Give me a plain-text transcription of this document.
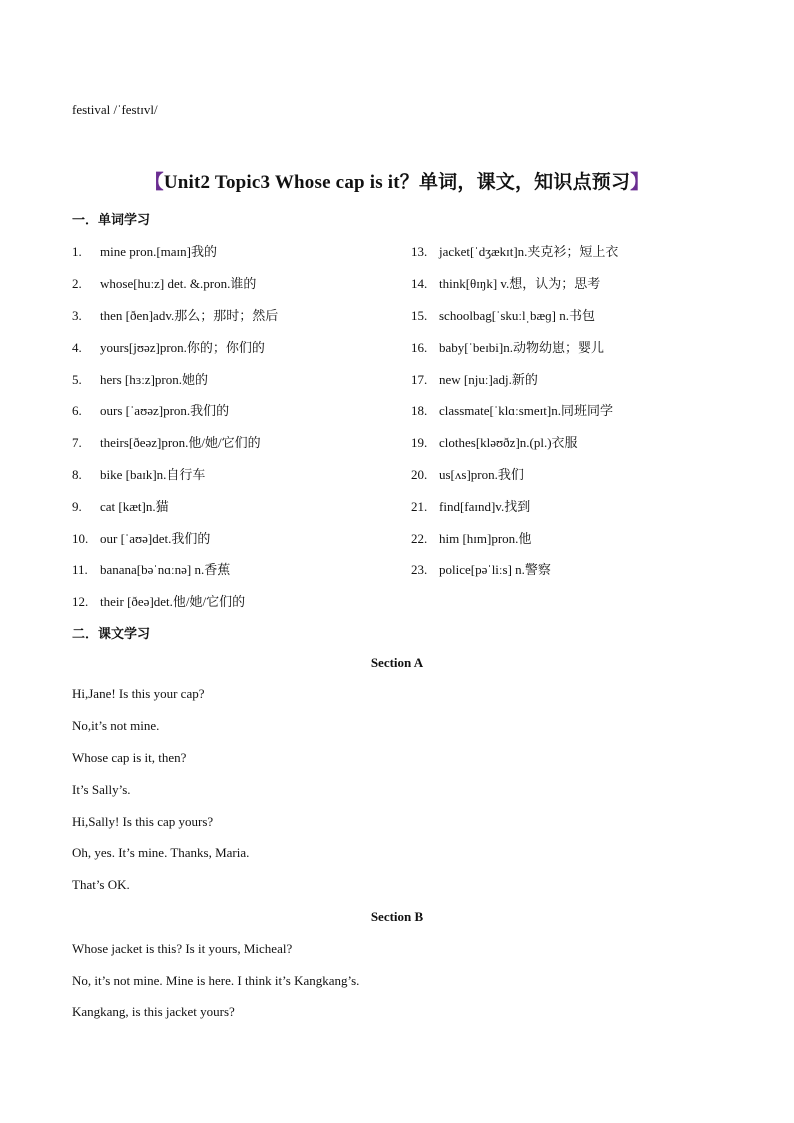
festival /ˈfestɪvl/
【Unit2 Topic3 Whose cap is it？单词，课文，知识点预习】
一．单词学习
1. mine pron.[maɪn]我的
2. whose[huːz] det. &.pron.谁的
3. then [ðen]adv.那么；那时；然后
4. yours[jʊəz]pron.你的；你们的
5. hers [hɜːz]pron.她的
6. ours [ˈaʊəz]pron.我们的
7. theirs[ðeəz]pron.他/她/它们的
8. bike [baɪk]n.自行车
9. cat [kæt]n.猫
10. our [ˈaʊə]det.我们的
11. banana[bəˈnɑːnə] n.香蕉
12. their [ðeə]det.他/她/它们的
13. jacket[ˈdʒækɪt]n.夹克衫；短上衣
14. think[θɪŋk] v.想，认为；思考
15. schoolbag[ˈskuːlˌbæɡ] n.书包
16. baby[ˈbeɪbi]n.动物幼崽；婴儿
17. new [njuː]adj.新的
18. classmate[ˈklɑːsmeɪt]n.同班同学
19. clothes[kləʊðz]n.(pl.)衣服
20. us[ʌs]pron.我们
21. find[faɪnd]v.找到
22. him [hɪm]pron.他
23. police[pəˈliːs] n.警察
二．课文学习
Section A
Hi,Jane! Is this your cap?
No,it’s not mine.
Whose cap is it, then?
It’s Sally’s.
Hi,Sally! Is this cap yours?
Oh, yes. It’s mine. Thanks, Maria.
That’s OK.
Section B
Whose jacket is this? Is it yours, Micheal?
No, it’s not mine. Mine is here. I think it’s Kangkang’s.
Kangkang, is this jacket yours?
